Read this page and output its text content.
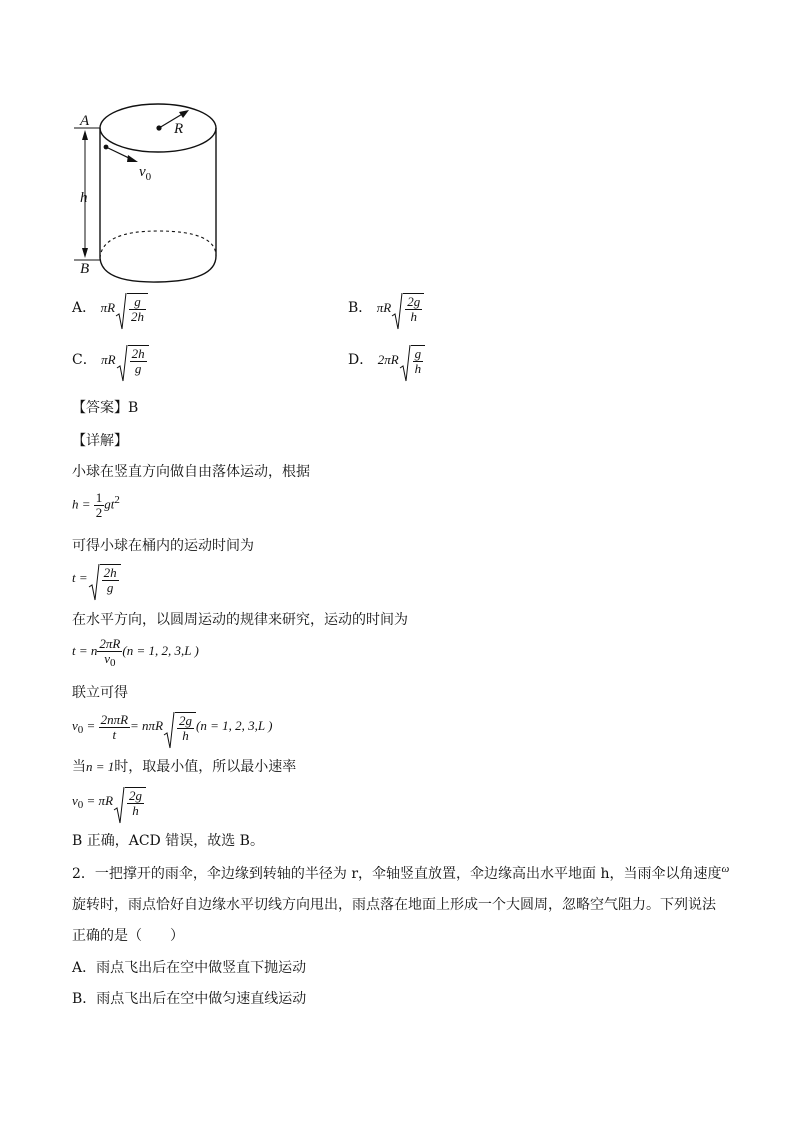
A
B
R
h
$v_0$
A． πR $\frac{g}{2h}$	B． πR $\frac{2g}{h}$
C． πR $\frac{2h}{g}$	D． $2\pi R \frac{g}{h}$
【答案】B
【详解】
小球在竖直方向做自由落体运动，根据
$h = \frac{1}{2} gt^2$
可得小球在桶内的运动时间为
$t = \frac{2h}{g}$
在水平方向，以圆周运动的规律来研究，运动的时间为
t = n $\frac{2\pi R}{v_0} (n = 1$, 2, 3,L )
联立可得
$v_0 = \frac{\text{2nπR}}{t} = n\pi R \frac{2g}{h} (n = 1$, 2, 3,L )
当n = 1时，取最小值，所以最小速率
$v_0 = \pi R \frac{2g}{h}$
B 正确，ACD 错误，故选 B。
2．一把撑开的雨伞，伞边缘到转轴的半径为 r，伞轴竖直放置，伞边缘高出水平地面 h，当雨伞以角速度$^\omega$
旋转时，雨点恰好自边缘水平切线方向甩出，雨点落在地面上形成一个大圆周，忽略空气阻力。下列说法
正确的是（　　）
A．雨点飞出后在空中做竖直下抛运动
B．雨点飞出后在空中做匀速直线运动
